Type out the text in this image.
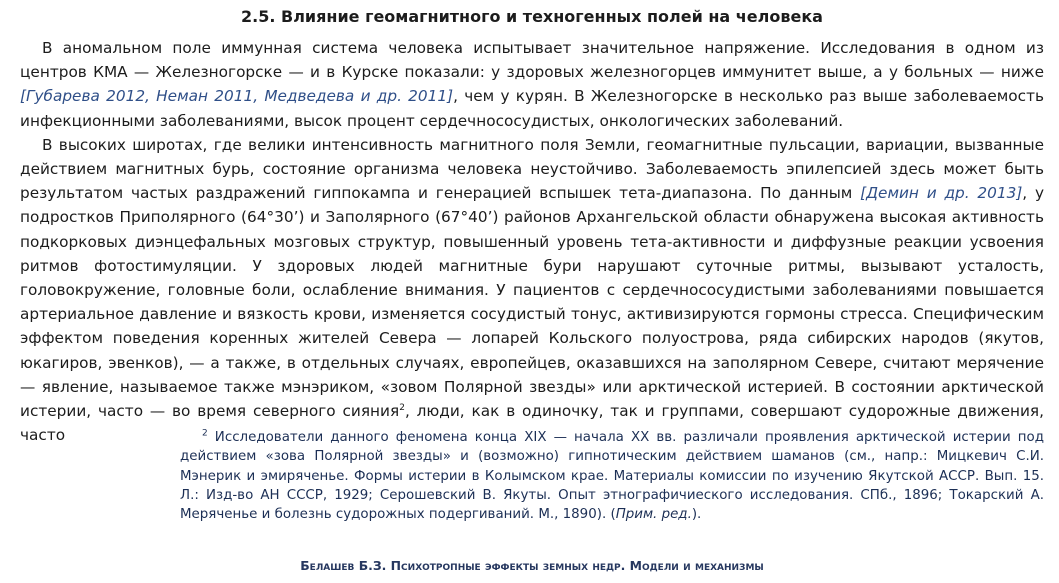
2.5. Влияние геомагнитного и техногенных полей на человека

В аномальном поле иммунная система человека испытывает значительное напряжение. Исследования в одном из центров КМА — Железногорске — и в Курске показали: у здоровых железногорцев иммунитет выше, а у больных — ниже [Губарева 2012, Неман 2011, Медведева и др. 2011], чем у курян. В Железногорске в несколько раз выше заболеваемость инфекционными заболеваниями, высок процент сердечнососудистых, онкологических заболеваний.

В высоких широтах, где велики интенсивность магнитного поля Земли, геомагнитные пульсации, вариации, вызванные действием магнитных бурь, состояние организма человека неустойчиво. Заболеваемость эпилепсией здесь может быть результатом частых раздражений гиппокампа и генерацией вспышек тета-диапазона. По данным [Демин и др. 2013], у подростков Приполярного (64°30’) и Заполярного (67°40’) районов Архангельской области обнаружена высокая активность подкорковых диэнцефальных мозговых структур, повышенный уровень тета-активности и диффузные реакции усвоения ритмов фотостимуляции. У здоровых людей магнитные бури нарушают суточные ритмы, вызывают усталость, головокружение, головные боли, ослабление внимания. У пациентов с сердечнососудистыми заболеваниями повышается артериальное давление и вязкость крови, изменяется сосудистый тонус, активизируются гормоны стресса. Специфическим эффектом поведения коренных жителей Севера — лопарей Кольского полуострова, ряда сибирских народов (якутов, юкагиров, эвенков), — а также, в отдельных случаях, европейцев, оказавшихся на заполярном Севере, считают мерячение — явление, называемое также мэнэриком, «зовом Полярной звезды» или арктической истерией. В состоянии арктической истерии, часто — во время северного сияния$^2$, люди, как в одиночку, так и группами, совершают судорожные движения, часто	$^2$ Исследователи данного феномена конца XIX — начала XX вв. различали проявления арктической истерии под действием «зова Полярной звезды» и (возможно) гипнотическим действием шаманов (см., напр.: Мицкевич С.И. Мэнерик и эмиряченье. Формы истерии в Колымском крае. Материалы комиссии по изучению Якутской АССР. Вып. 15. Л.: Изд-во АН СССР, 1929; Серошевский В. Якуты. Опыт этнографичиеского исследования. СПб., 1896; Токарский А. Меряченье и болезнь судорожных подергиваний. М., 1890). (Прим. ред.).

Белашев Б.З. Психотропные эффекты земных недр. Модели и механизмы
